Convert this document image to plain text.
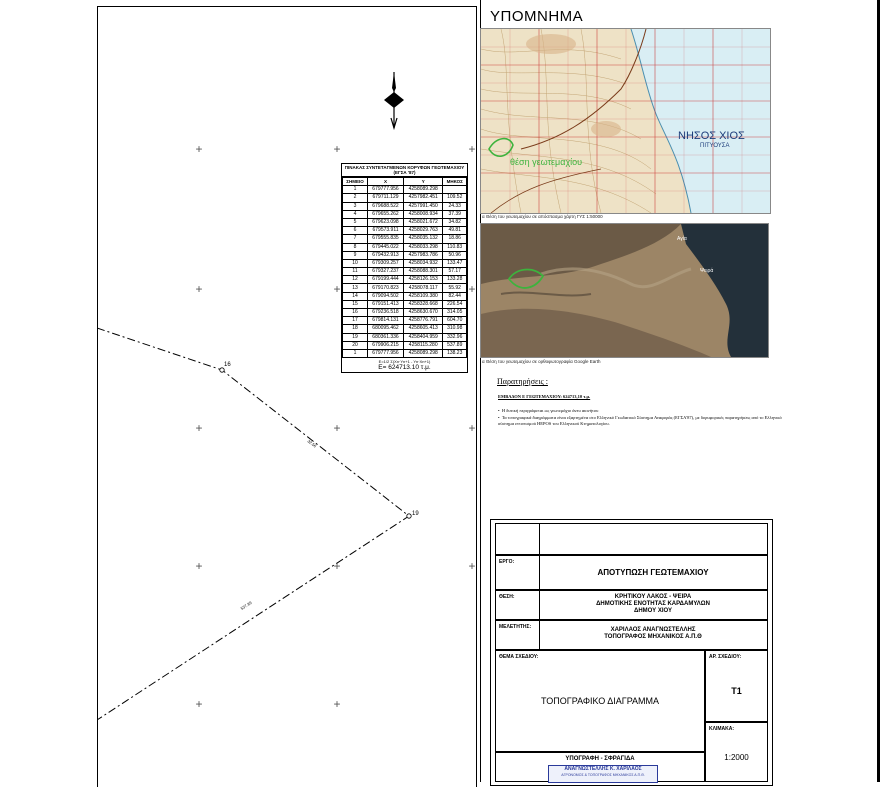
+	+
+	+	+
+	+	+
+	+	+
+	+
+
16
19
32.56
537.89
ΠΙΝΑΚΑΣ ΣΥΝΤΕΤΑΓΜΕΝΩΝ ΚΟΡΥΦΩΝ ΓΕΩΤΕΜΑΧΙΟΥ (ΕΓΣΑ '87)
ΣΗΜΕΙΟ	X	Y	ΜΗΚΟΣ
1	679777.956	4258089.298	
2	679711.129	4257982.451	109.52
3	679688.522	4257991.450	24.33
4	679655.262	4258008.934	37.39
5	679623.098	4258021.672	34.82
6	679573.911	4258029.763	49.81
7	679555.835	4258035.132	18.86
8	679445.022	4258033.298	110.83
9	679432.913	4257983.786	50.96
10	679309.257	4258034.932	133.47
11	679327.237	4258088.301	57.17
12	679199.444	4258126.153	133.28
13	679170.823	4258078.117	55.92
14	679094.502	4258109.380	82.44
15	679151.413	4258328.668	226.54
16	679236.518	4258630.670	314.05
17	679814.131	4258776.791	604.70
18	680095.462	4258605.413	310.98
19	680361.336	4258404.959	332.96
20	679906.215	4258115.280	537.89
1	679777.956	4258089.298	138.23
E=1/2 Σ(Xn·Yn+1 - Yn·Xn+1)
E= 624713.10 τ.μ.
ΥΠΟΜΝΗΜΑ
θέση γεωτεμαχίου
ΝΗΣΟΣ ΧΙΟΣ
ΠΙΤΥΟΥΣΑ
α Θέση του γεωτεμαχίου σε απόσπασμα χάρτη ΓΥΣ 1:50000
Αγία
Ψειρά
α Θέση του γεωτεμαχίου σε ορθοφωτογραφία Google Earth
Παρατηρήσεις :
ΕΜΒΑΔΟΝ Ε ΓΕΩΤΕΜΑΧΙΟΥ: 624713,10 τ.μ.
•  Η δυτική περιγράφεται ως γεωτεμάχιο άνευ ακινήτου
•  Τα τοπογραφικά διαγράμματα είναι εξαρτημένα στο Ελληνικό Γεωδαιτικό Σύστημα Αναφοράς (ΕΓΣΑ'87), με δορυφορικές παρατηρήσεις από το Ελληνικό σύστημα εντοπισμού HEPOS του Ελληνικού Κτηματολογίου.
ΕΡΓΟ:
ΑΠΟΤΥΠΩΣΗ ΓΕΩΤΕΜΑΧΙΟΥ
ΘΕΣΗ:	ΚΡΗΤΙΚΟΥ ΛΑΚΟΣ - ΨΕΙΡΑ
ΔΗΜΟΤΙΚΗΣ ΕΝΟΤΗΤΑΣ ΚΑΡΔΑΜΥΛΩΝ
ΔΗΜΟΥ ΧΙΟΥ
ΜΕΛΕΤΗΤΗΣ:	ΧΑΡΙΛΑΟΣ ΑΝΑΓΝΩΣΤΕΛΛΗΣ
ΤΟΠΟΓΡΑΦΟΣ ΜΗΧΑΝΙΚΟΣ Α.Π.Θ
ΘΕΜΑ ΣΧΕΔΙΟΥ:
ΤΟΠΟΓΡΑΦΙΚΟ ΔΙΑΓΡΑΜΜΑ
ΑΡ. ΣΧΕΔΙΟΥ:
T1
ΚΛΙΜΑΚΑ:
1:2000
ΥΠΟΓΡΑΦΗ - ΣΦΡΑΓΙΔΑ
ΑΝΑΓΝΩΣΤΕΛΛΗΣ Κ. ΧΑΡΙΛΑΟΣ
ΑΓΡΟΝΟΜΟΣ & ΤΟΠΟΓΡΑΦΟΣ ΜΗΧΑΝΙΚΟΣ Α.Π.Θ.
